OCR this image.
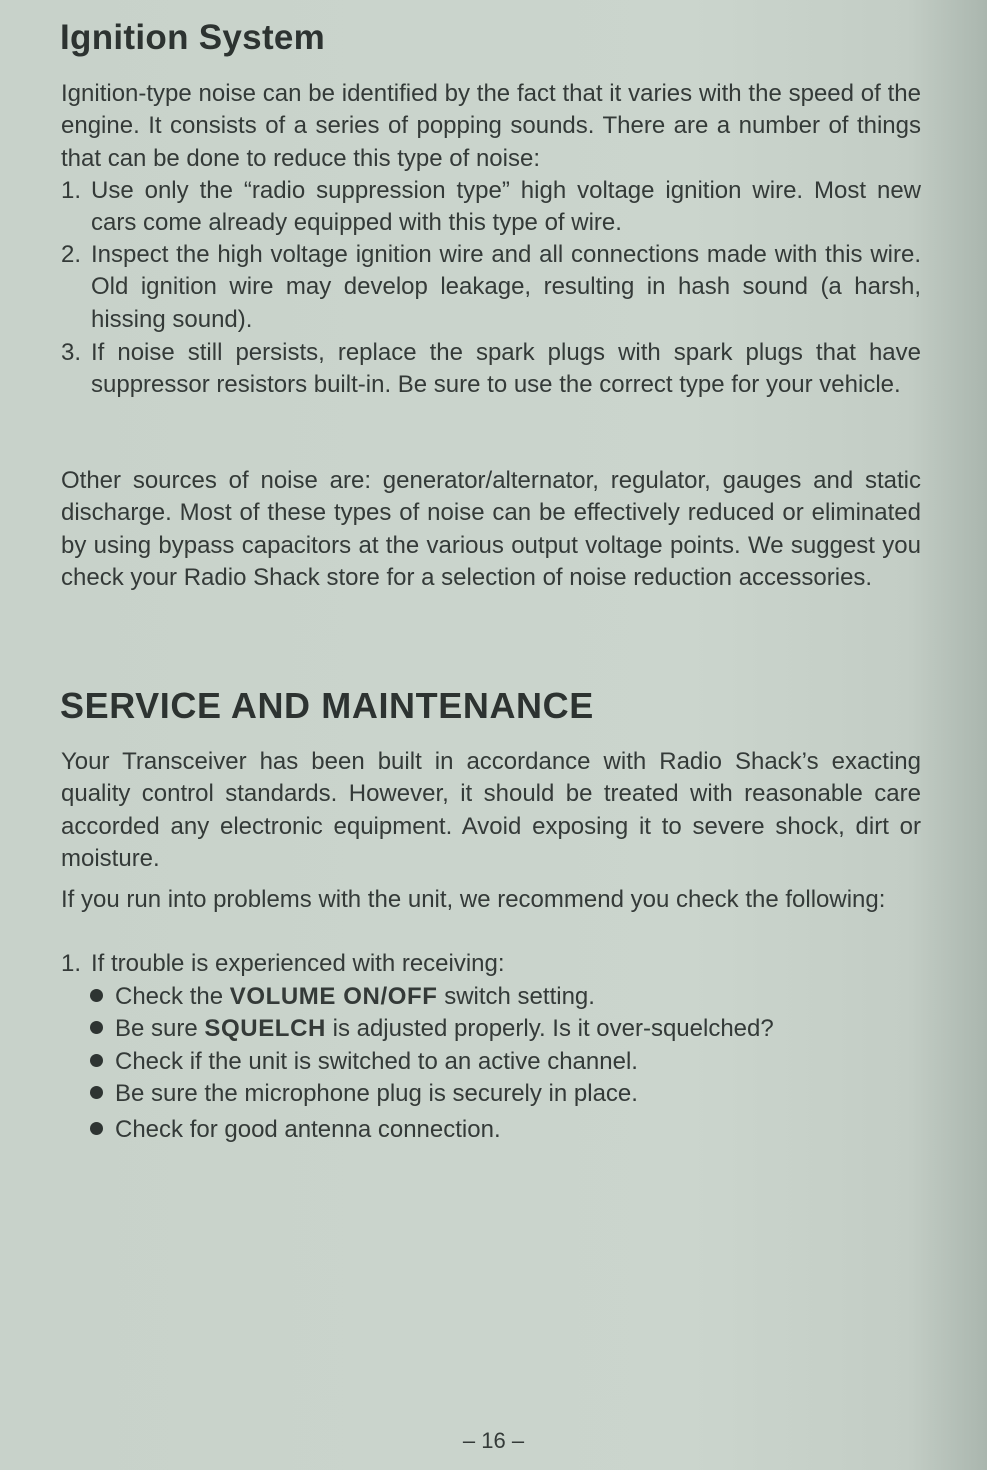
Ignition System

Ignition-type noise can be identified by the fact that it varies with the speed of the engine. It consists of a series of popping sounds. There are a number of things that can be done to reduce this type of noise:

1. Use only the “radio suppression type” high voltage ignition wire. Most new cars come already equipped with this type of wire.
2. Inspect the high voltage ignition wire and all connections made with this wire. Old ignition wire may develop leakage, resulting in hash sound (a harsh, hissing sound).
3. If noise still persists, replace the spark plugs with spark plugs that have suppressor resistors built-in. Be sure to use the correct type for your vehicle.

Other sources of noise are: generator/alternator, regulator, gauges and static discharge. Most of these types of noise can be effectively reduced or eliminated by using bypass capacitors at the various output voltage points. We suggest you check your Radio Shack store for a selection of noise reduction accessories.

SERVICE AND MAINTENANCE

Your Transceiver has been built in accordance with Radio Shack’s exacting quality control standards. However, it should be treated with reasonable care accorded any electronic equipment. Avoid exposing it to severe shock, dirt or moisture.

If you run into problems with the unit, we recommend you check the following:

1. If trouble is experienced with receiving:
Check the VOLUME ON/OFF switch setting.
Be sure SQUELCH is adjusted properly. Is it over-squelched?
Check if the unit is switched to an active channel.
Be sure the microphone plug is securely in place.
Check for good antenna connection.
– 16 –
